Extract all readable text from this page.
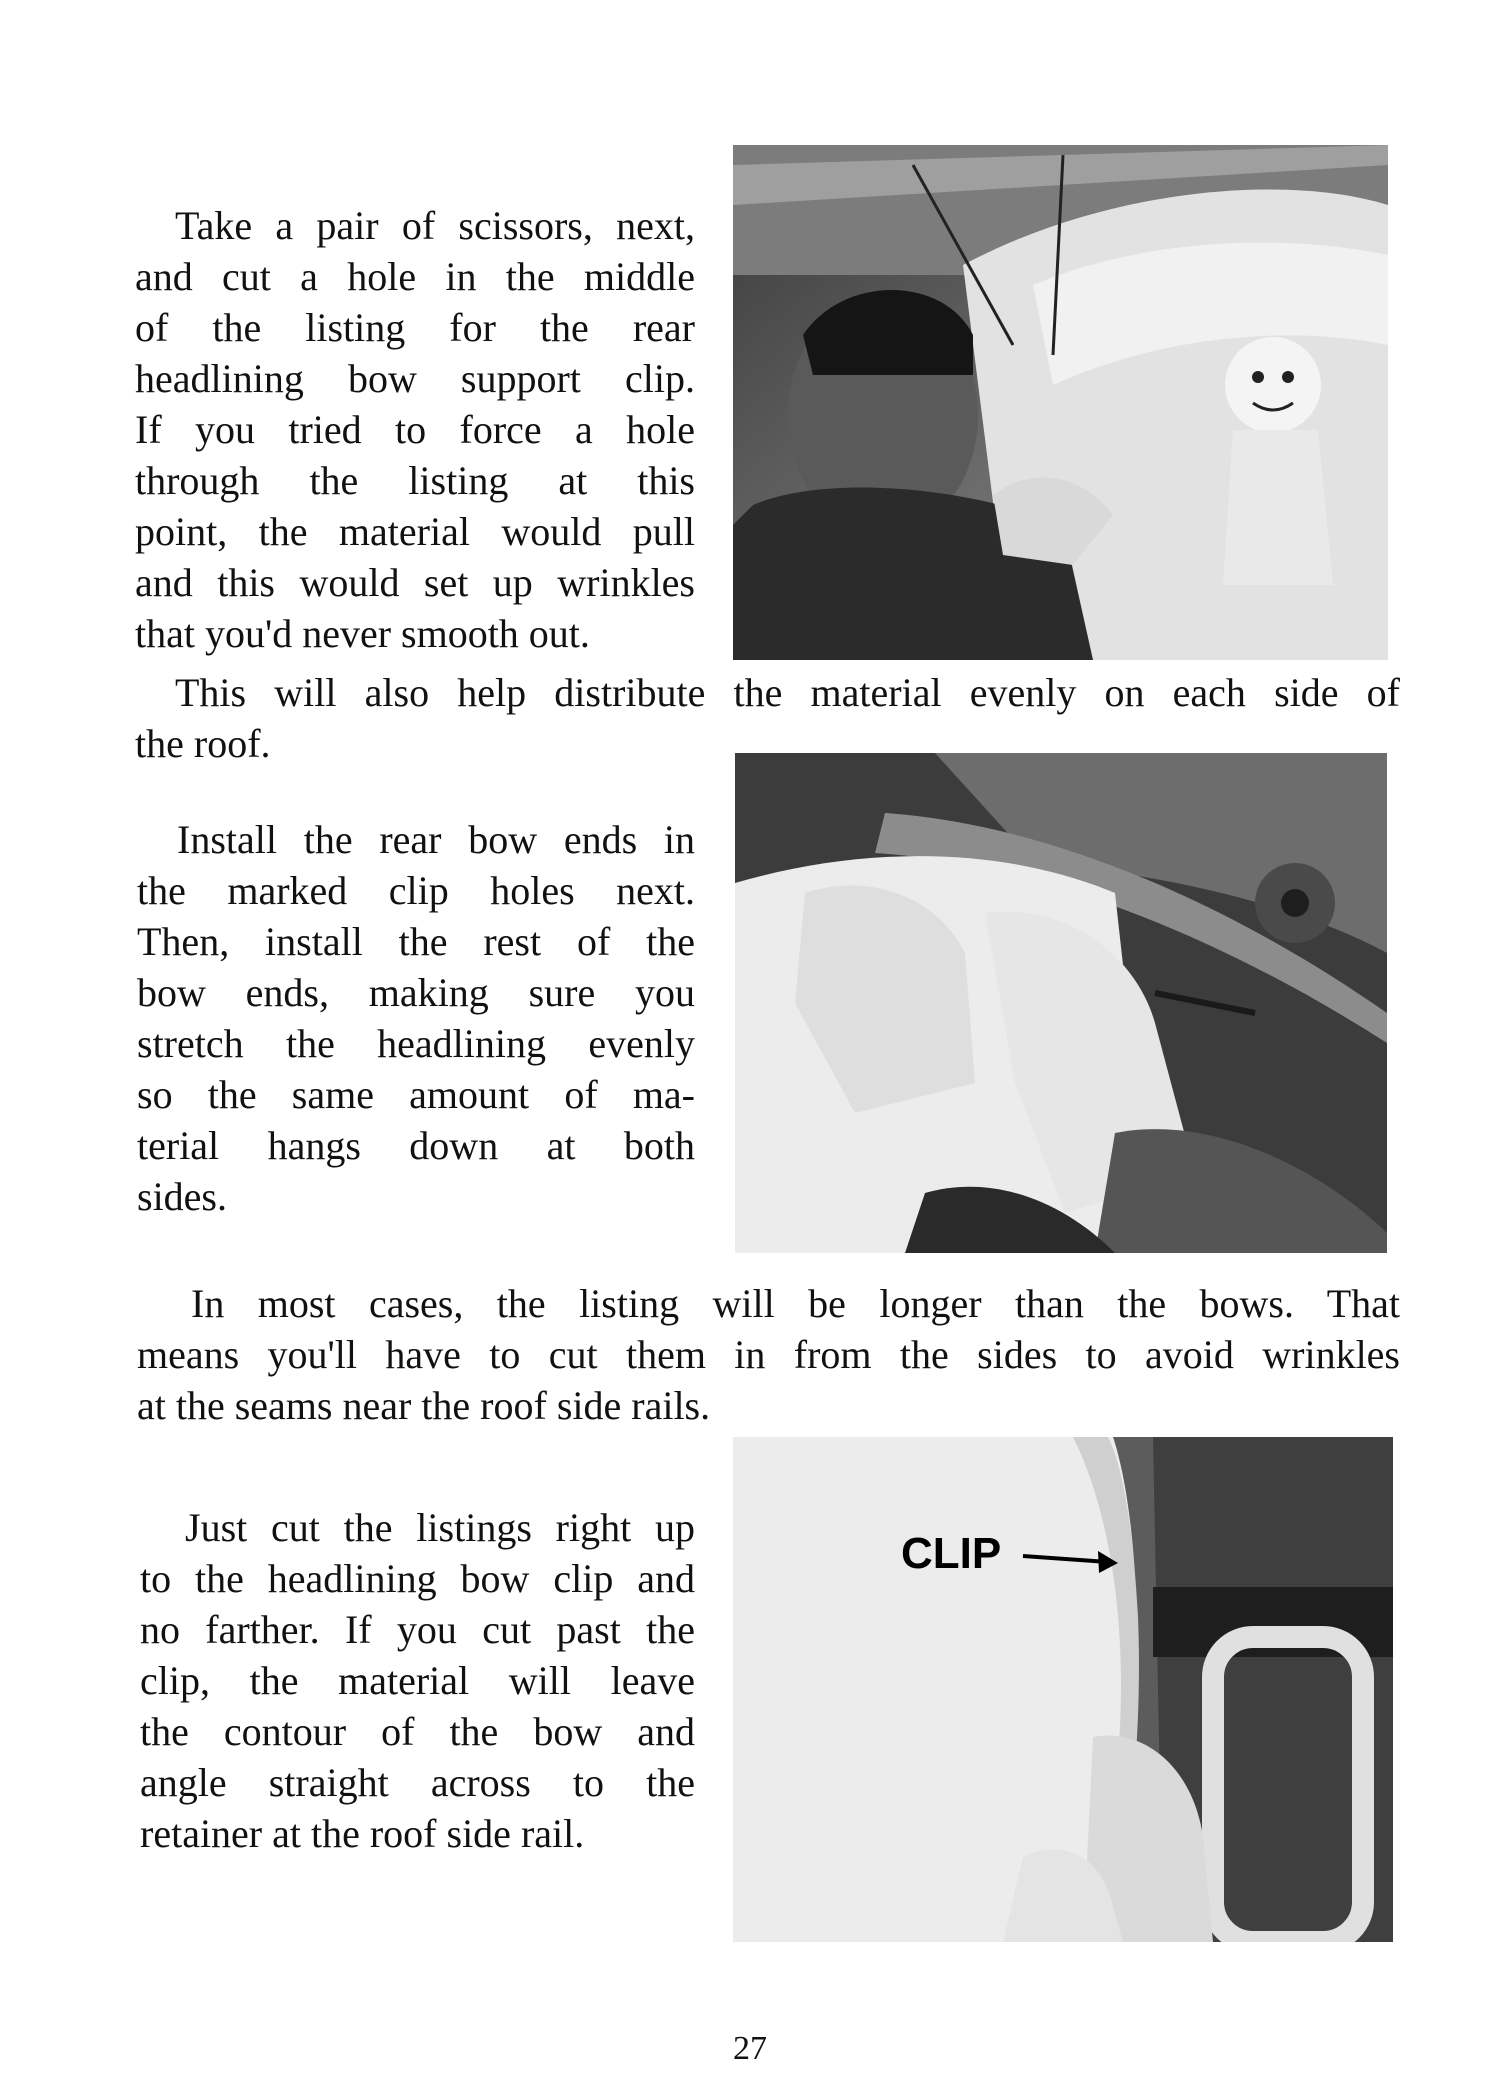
Take a pair of scissors, next,
and cut a hole in the middle
of the listing for the rear
headlining bow support clip.
If you tried to force a hole
through the listing at this
point, the material would pull
and this would set up wrinkles
that you'd never smooth out.
This will also help distribute the material evenly on each side of
the roof.
Install the rear bow ends in
the marked clip holes next.
Then, install the rest of the
bow ends, making sure you
stretch the headlining evenly
so the same amount of ma-
terial hangs down at both
sides.
In most cases, the listing will be longer than the bows. That
means you'll have to cut them in from the sides to avoid wrinkles
at the seams near the roof side rails.
Just cut the listings right up
to the headlining bow clip and
no farther. If you cut past the
clip, the material will leave
the contour of the bow and
angle straight across to the
retainer at the roof side rail.
CLIP
27
